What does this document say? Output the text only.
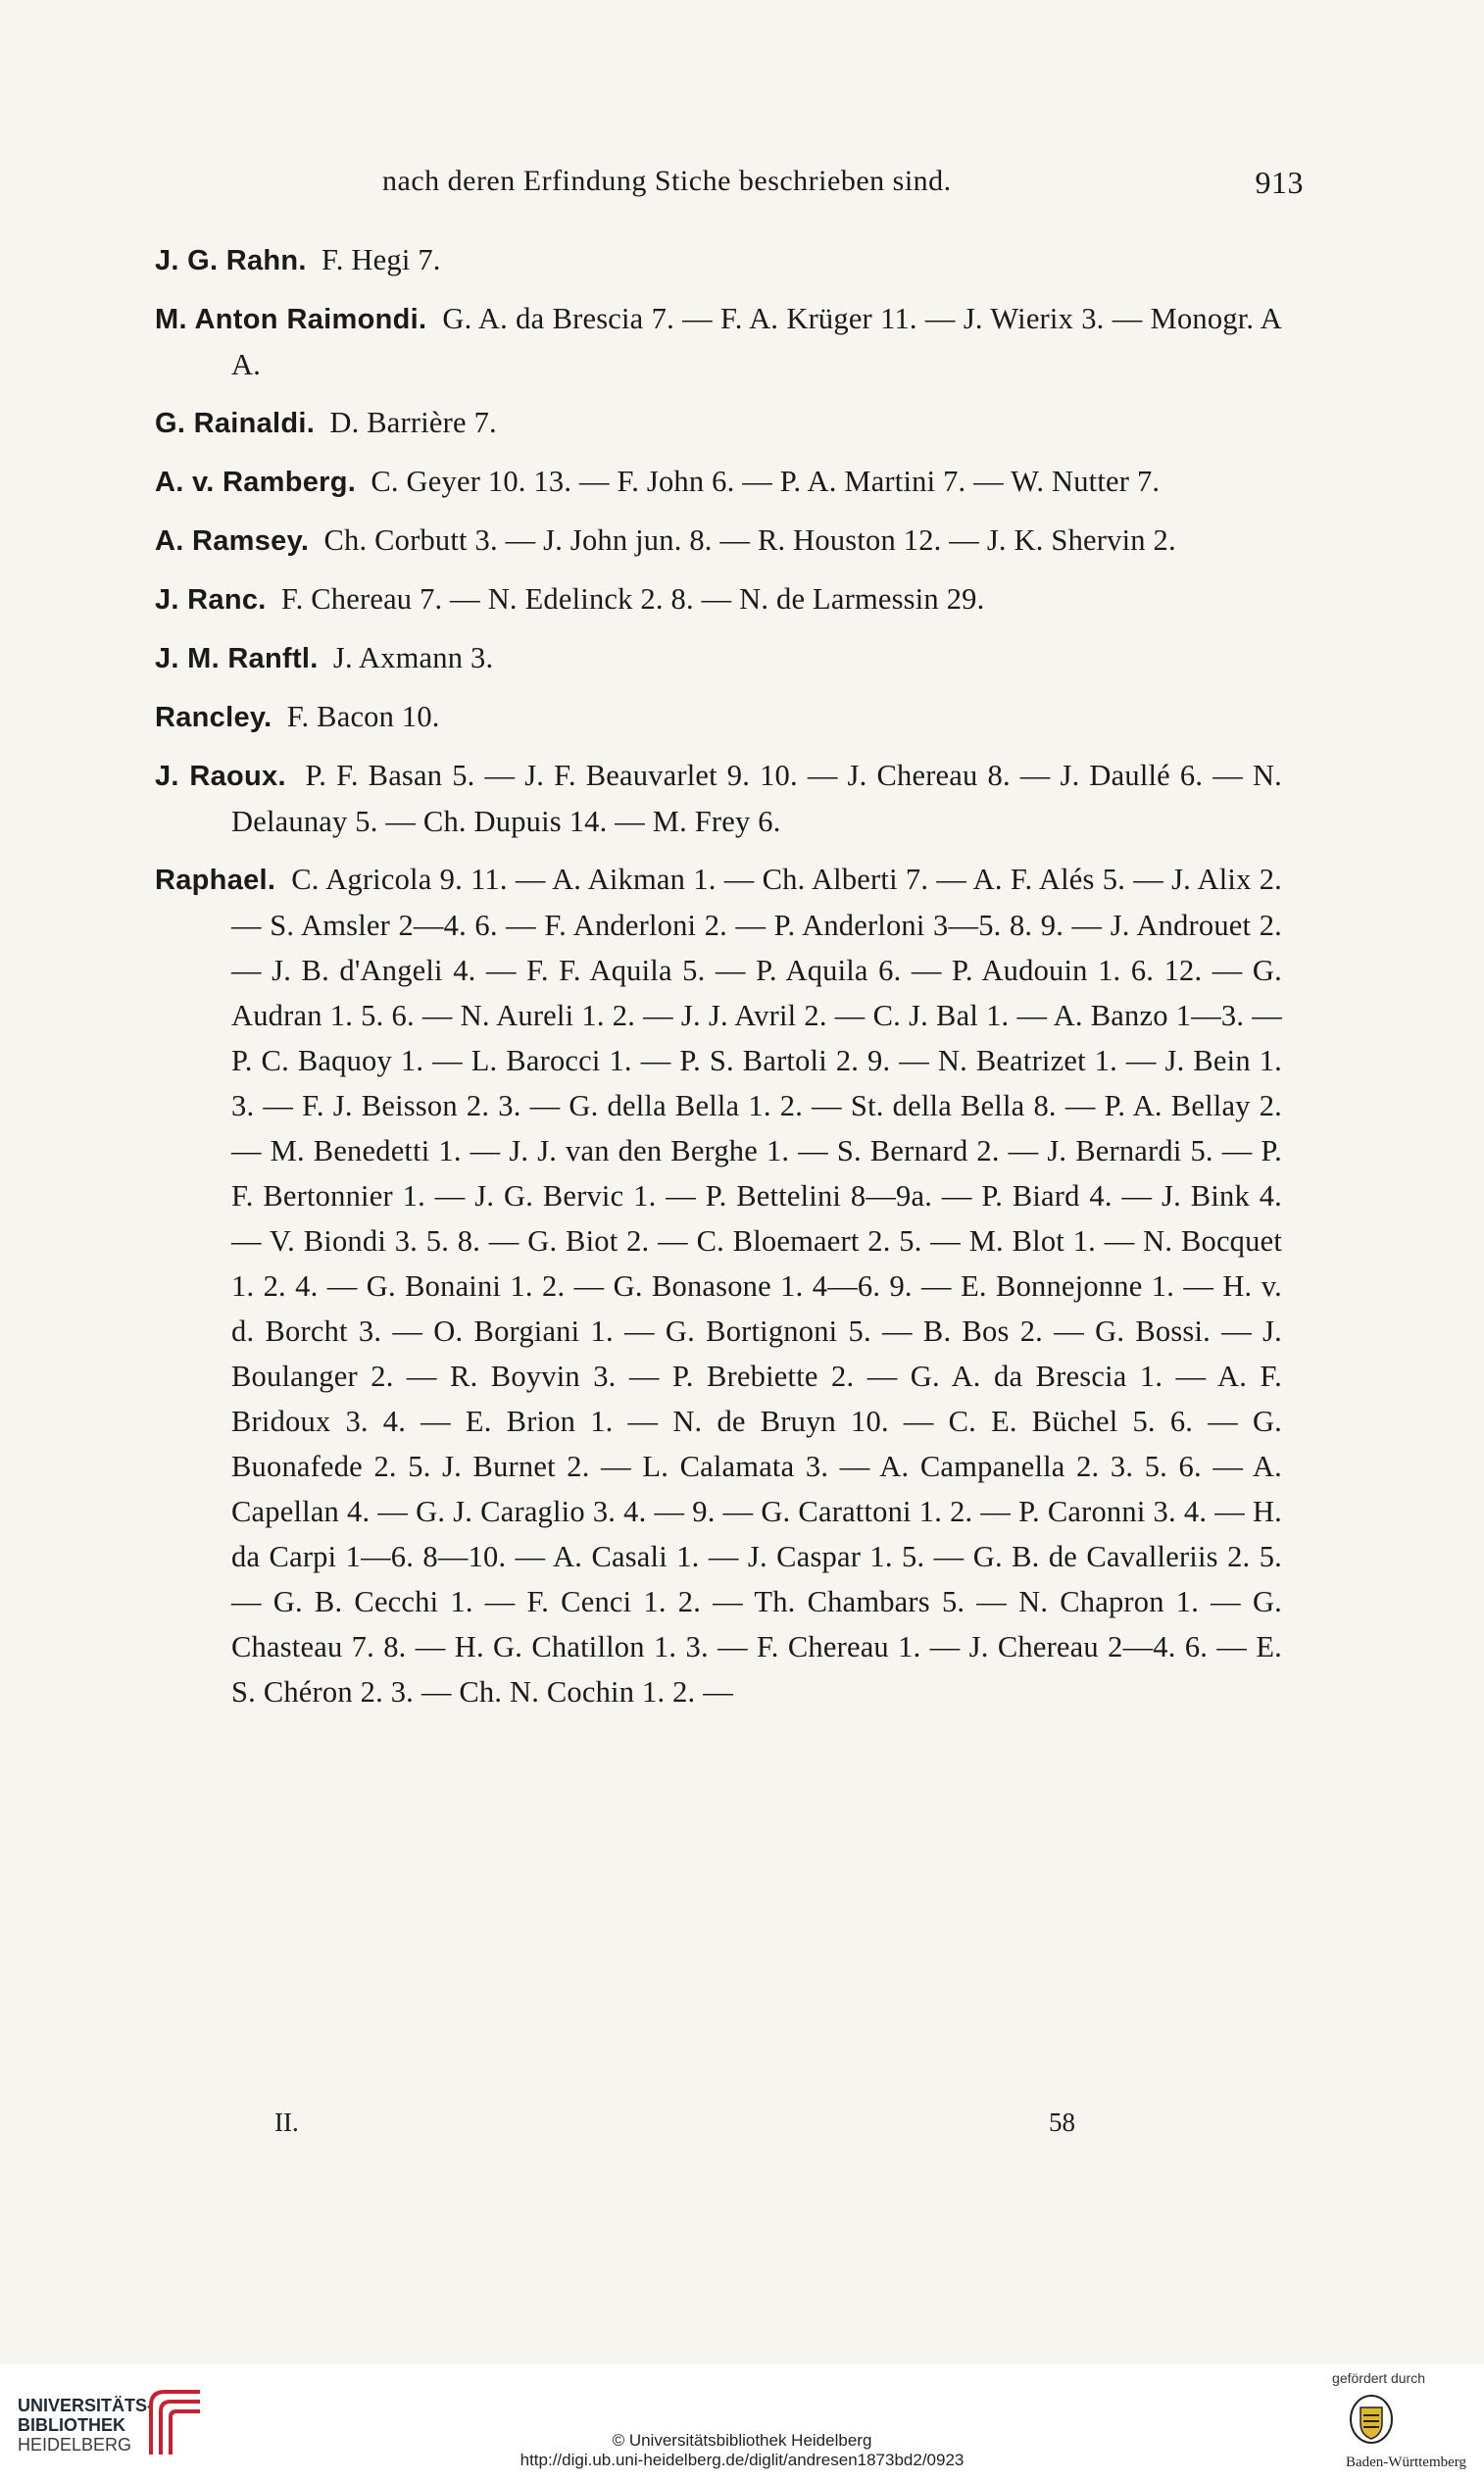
nach deren Erfindung Stiche beschrieben sind.	913
J. G. Rahn. F. Hegi 7.
M. Anton Raimondi. G. A. da Brescia 7. — F. A. Krüger 11. — J. Wierix 3. — Monogr. A A.
G. Rainaldi. D. Barrière 7.
A. v. Ramberg. C. Geyer 10. 13. — F. John 6. — P. A. Martini 7. — W. Nutter 7.
A. Ramsey. Ch. Corbutt 3. — J. John jun. 8. — R. Houston 12. — J. K. Shervin 2.
J. Ranc. F. Chereau 7. — N. Edelinck 2. 8. — N. de Larmessin 29.
J. M. Ranftl. J. Axmann 3.
Rancley. F. Bacon 10.
J. Raoux. P. F. Basan 5. — J. F. Beauvarlet 9. 10. — J. Chereau 8. — J. Daullé 6. — N. Delaunay 5. — Ch. Dupuis 14. — M. Frey 6.
Raphael. C. Agricola 9. 11. — A. Aikman 1. — Ch. Alberti 7. — A. F. Alés 5. — J. Alix 2. — S. Amsler 2—4. 6. — F. Anderloni 2. — P. Anderloni 3—5. 8. 9. — J. Androuet 2. — J. B. d'Angeli 4. — F. F. Aquila 5. — P. Aquila 6. — P. Audouin 1. 6. 12. — G. Audran 1. 5. 6. — N. Aureli 1. 2. — J. J. Avril 2. — C. J. Bal 1. — A. Banzo 1—3. — P. C. Baquoy 1. — L. Barocci 1. — P. S. Bartoli 2. 9. — N. Beatrizet 1. — J. Bein 1. 3. — F. J. Beisson 2. 3. — G. della Bella 1. 2. — St. della Bella 8. — P. A. Bellay 2. — M. Benedetti 1. — J. J. van den Berghe 1. — S. Bernard 2. — J. Bernardi 5. — P. F. Bertonnier 1. — J. G. Bervic 1. — P. Bettelini 8—9a. — P. Biard 4. — J. Bink 4. — V. Biondi 3. 5. 8. — G. Biot 2. — C. Bloemaert 2. 5. — M. Blot 1. — N. Bocquet 1. 2. 4. — G. Bonaini 1. 2. — G. Bonasone 1. 4—6. 9. — E. Bonnejonne 1. — H. v. d. Borcht 3. — O. Borgiani 1. — G. Bortignoni 5. — B. Bos 2. — G. Bossi. — J. Boulanger 2. — R. Boyvin 3. — P. Brebiette 2. — G. A. da Brescia 1. — A. F. Bridoux 3. 4. — E. Brion 1. — N. de Bruyn 10. — C. E. Büchel 5. 6. — G. Buonafede 2. 5. J. Burnet 2. — L. Calamata 3. — A. Campanella 2. 3. 5. 6. — A. Capellan 4. — G. J. Caraglio 3. 4. — 9. — G. Carattoni 1. 2. — P. Caronni 3. 4. — H. da Carpi 1—6. 8—10. — A. Casali 1. — J. Caspar 1. 5. — G. B. de Cavalleriis 2. 5. — G. B. Cecchi 1. — F. Cenci 1. 2. — Th. Chambars 5. — N. Chapron 1. — G. Chasteau 7. 8. — H. G. Chatillon 1. 3. — F. Chereau 1. — J. Chereau 2—4. 6. — E. S. Chéron 2. 3. — Ch. N. Cochin 1. 2. —
II.	58
UNIVERSITÄTS-
BIBLIOTHEK
HEIDELBERG	© Universitätsbibliothek Heidelberg
http://digi.ub.uni-heidelberg.de/diglit/andresen1873bd2/0923
gefördert durch
Baden-Württemberg
